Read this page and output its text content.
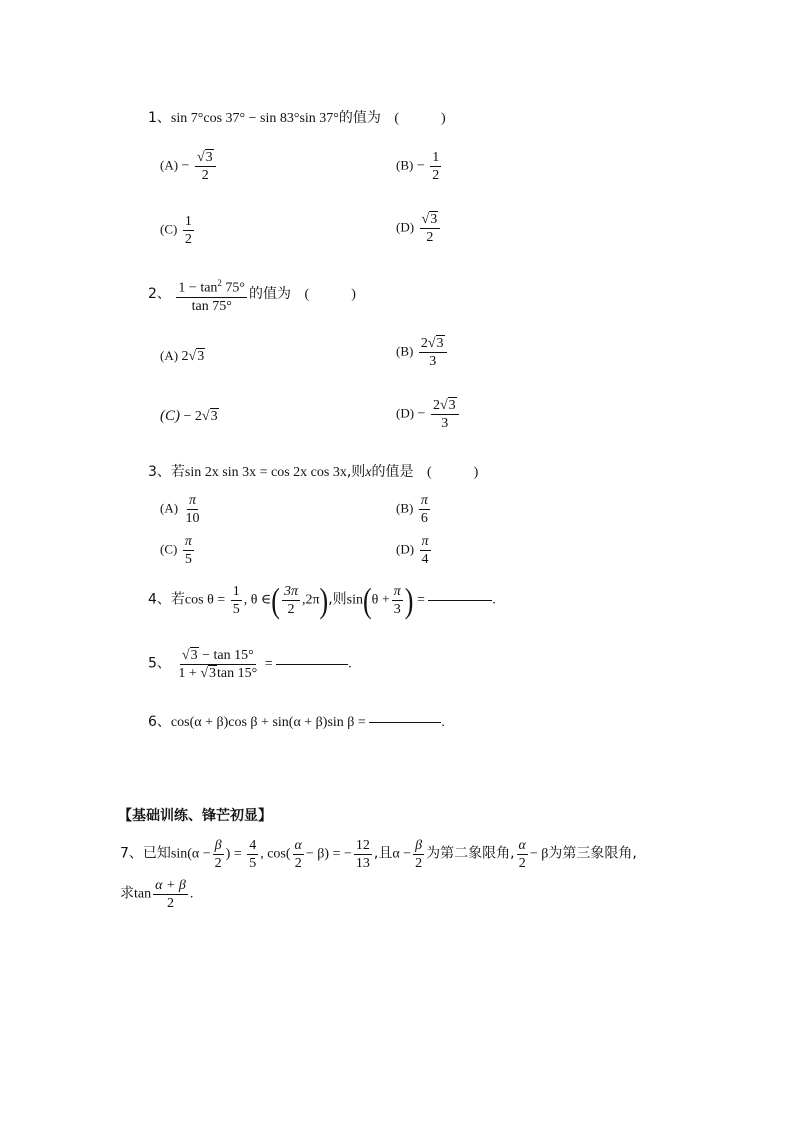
1、sin 7°cos 37° − sin 83°sin 37°的值为 (　　　)
$(A) - \frac{√3}{2}$	$(B) - \frac{1}{2}$
$(C) \frac{1}{2}$	$(D) \frac{√3}{2}$
2、 $\frac{1 - \tan^2 75^\circ}{\tan 75^\circ}$ 的值为 (　　　)
(A) 2√3	$(B) \frac{2√3}{3}$
(C) − 2√3	$(D) - \frac{2√3}{3}$
3、若sin 2x sin 3x = cos 2x cos 3x,则x的值是 (　　　)
$(A) \frac{\pi}{10}$	$(B) \frac{\pi}{6}$
$(C) \frac{\pi}{5}$	$(D) \frac{\pi}{4}$
4、若$\cos \theta = \frac{1}{5}$ , θ ∈( $\frac{3\pi}{2} ,2\pi$),则$\sin(\theta + \frac{\pi}{3}$ ) =	.
5、 $\frac{√3 - \tan 15^\circ}{1 + √3\tan 15^\circ}$ =	.
6、cos(α + β)cos β + sin(α + β)sin β =	.
【基础训练、锋芒初显】
7、已知$\sin(\alpha - \frac{\beta}{2}$ ) = $\frac{4}{5}$ , $\cos( \frac{\alpha}{2} - \beta)$ = − $\frac{12}{13}$ ,且$\alpha - \frac{\beta}{2}$ 为第二象限角, $\frac{\alpha}{2} - \beta$为第三象限角,
求$\tan \frac{\alpha + \beta}{2}$ .
